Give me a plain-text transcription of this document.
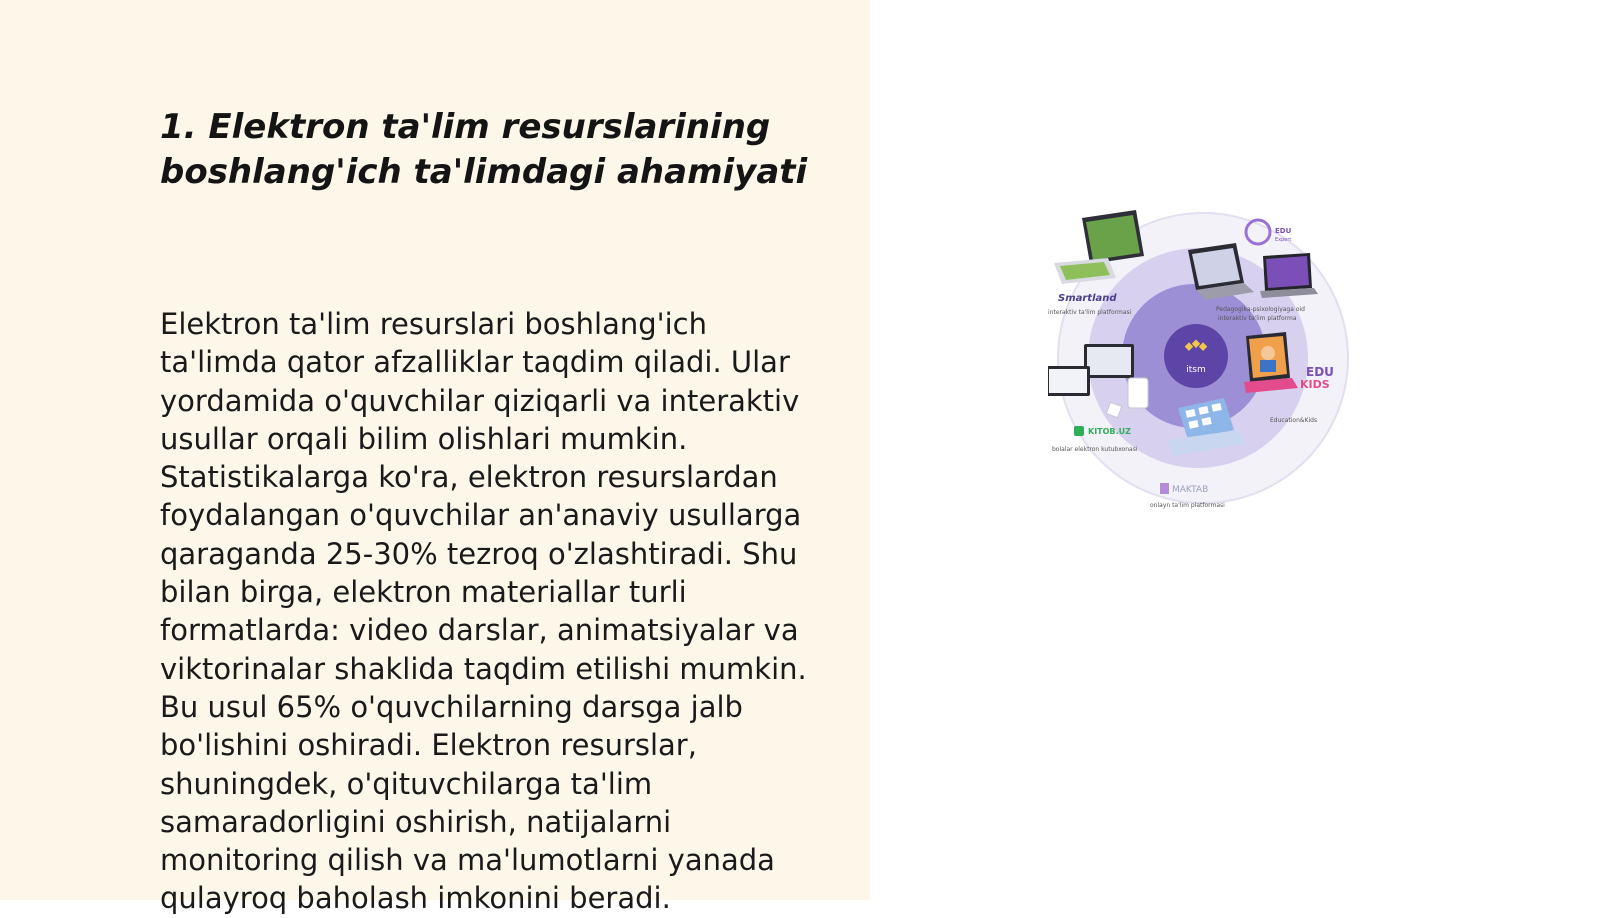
1. Elektron ta'lim resurslarining boshlang'ich ta'limdagi ahamiyati

Elektron ta'lim resurslari boshlang'ich ta'limda qator afzalliklar taqdim qiladi. Ular yordamida o'quvchilar qiziqarli va interaktiv usullar orqali bilim olishlari mumkin. Statistikalarga ko'ra, elektron resurslardan foydalangan o'quvchilar an'anaviy usullarga qaraganda 25-30% tezroq o'zlashtiradi. Shu bilan birga, elektron materiallar turli formatlarda: video darslar, animatsiyalar va viktorinalar shaklida taqdim etilishi mumkin. Bu usul 65% o'quvchilarning darsga jalb bo'lishini oshiradi. Elektron resurslar, shuningdek, o'qituvchilarga ta'lim samaradorligini oshirish, natijalarni monitoring qilish va ma'lumotlarni yanada qulayroq baholash imkonini beradi.

itsm
Smartland
interaktiv ta'lim platformasi
EDU
Expert
Pedagogika-psixologiyaga oid
interaktiv ta'lim platforma
EDU
KIDS
Education&Kids
KITOB.UZ
bolalar elektron kutubxonasi
MAKTAB
onlayn ta'lim platformasi
